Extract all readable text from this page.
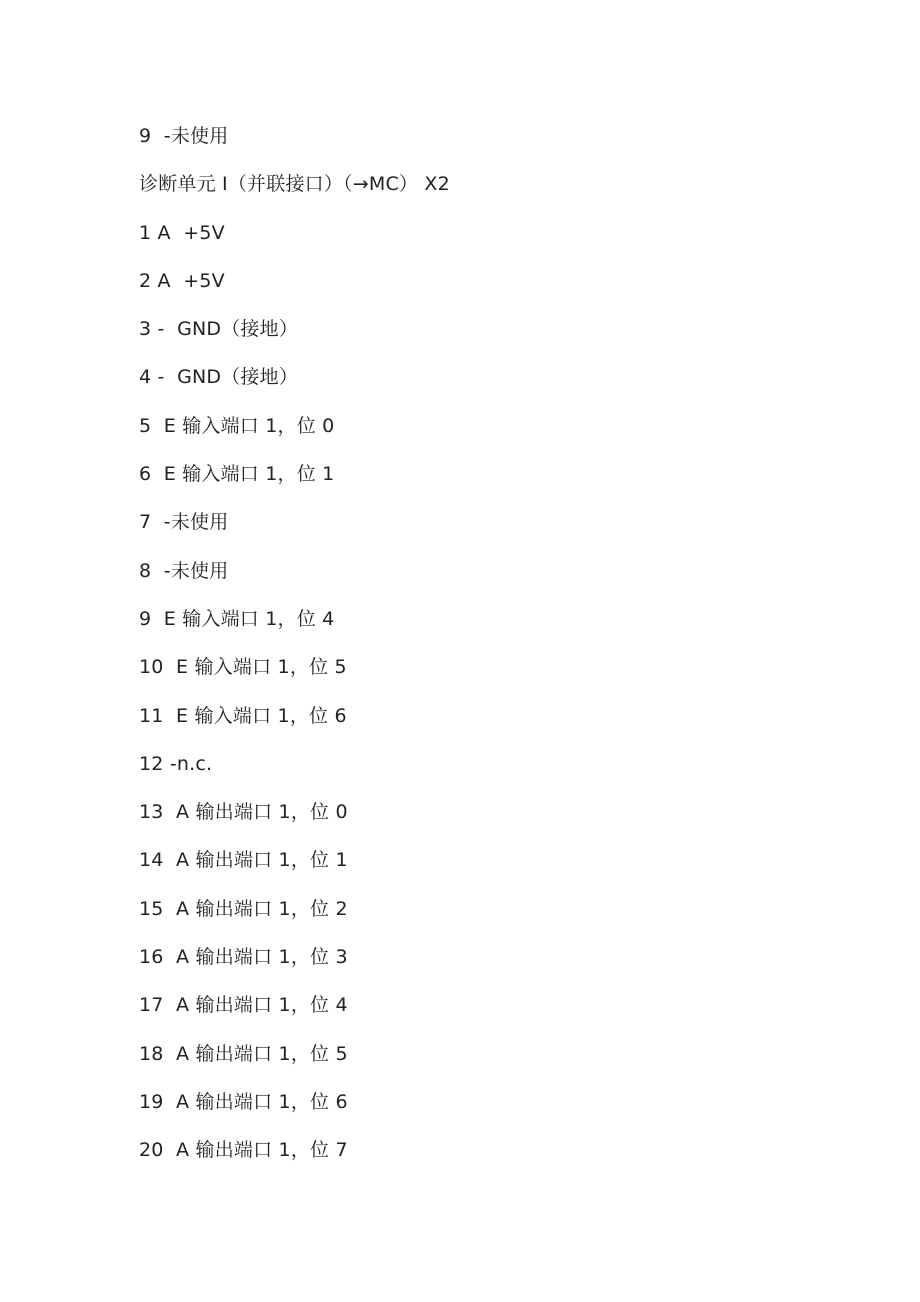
9  -未使用
诊断单元 I（并联接口）（→MC） X2
1 A  +5V
2 A  +5V
3 -  GND（接地）
4 -  GND（接地）
5  E 输入端口 1，位 0
6  E 输入端口 1，位 1
7  -未使用
8  -未使用
9  E 输入端口 1，位 4
10  E 输入端口 1，位 5
11  E 输入端口 1，位 6
12 -n.c.
13  A 输出端口 1，位 0
14  A 输出端口 1，位 1
15  A 输出端口 1，位 2
16  A 输出端口 1，位 3
17  A 输出端口 1，位 4
18  A 输出端口 1，位 5
19  A 输出端口 1，位 6
20  A 输出端口 1，位 7
